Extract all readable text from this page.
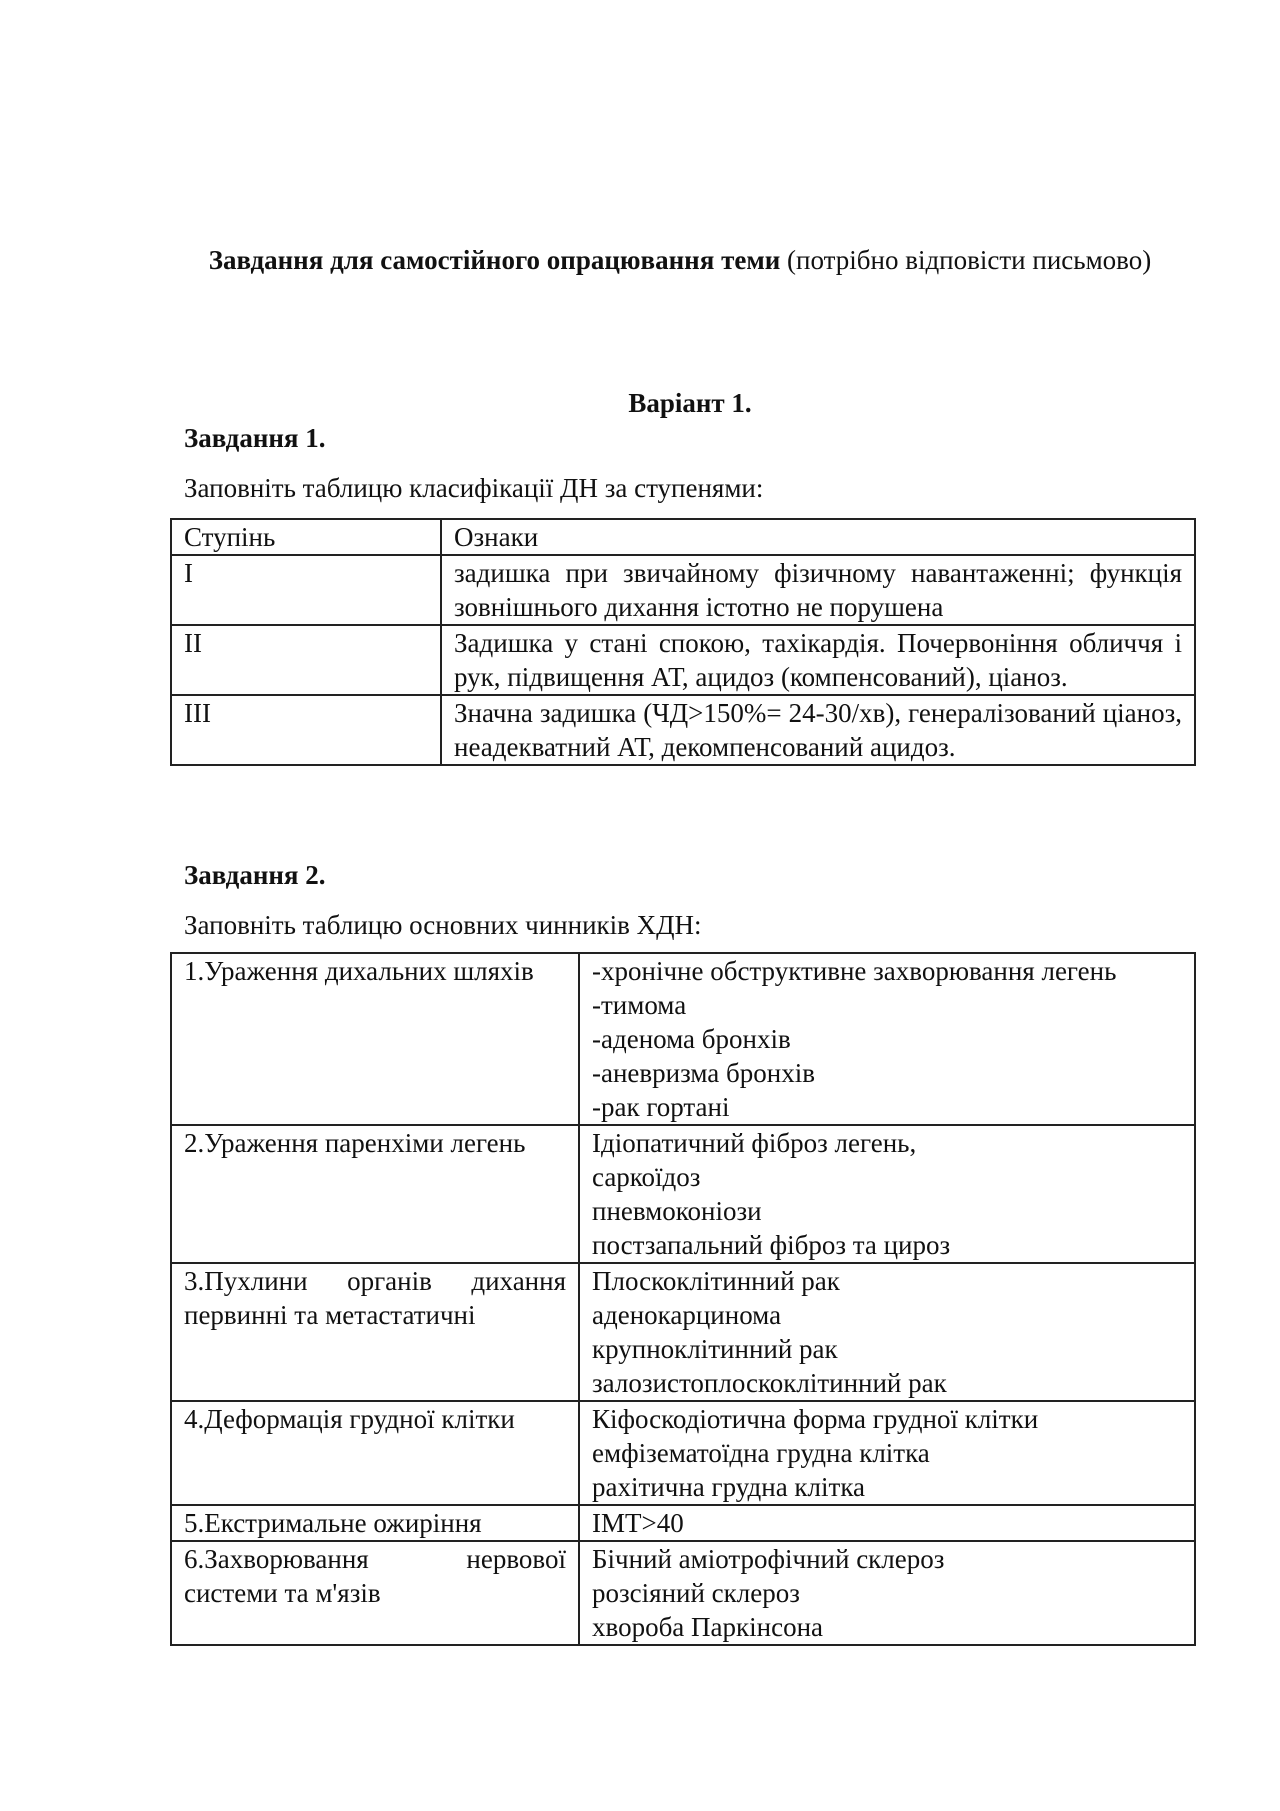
Завдання для самостійного опрацювання теми (потрібно відповісти письмово)
Варіант 1.
Завдання 1.
Заповніть таблицю класифікації ДН за ступенями:
Ступінь	Ознаки
I	задишка при звичайному фізичному навантаженні; функція зовнішнього дихання істотно не порушена
II	Задишка у стані спокою, тахікардія. Почервоніння обличчя і рук, підвищення АТ, ацидоз (компенсований), ціаноз.
III	Значна задишка (ЧД>150%= 24-30/хв), генералізований ціаноз, неадекватний АТ, декомпенсований ацидоз.
Завдання 2.
Заповніть таблицю основних чинників ХДН:
1.Ураження дихальних шляхів	-хронічне обструктивне захворювання легень
-тимома
-аденома бронхів
-аневризма бронхів
-рак гортані

2.Ураження паренхіми легень	Ідіопатичний фіброз легень,
саркоїдоз
пневмоконіози
постзапальний фіброз та цироз

3.Пухлини органів дихання первинні та метастатичні	Плоскоклітинний рак
аденокарцинома
крупноклітинний рак
залозистоплоскоклітинний рак

4.Деформація грудної клітки	Кіфоскодіотична форма грудної клітки
емфізематоїдна грудна клітка
рахітична грудна клітка

5.Екстримальне ожиріння	ІМТ>40

6.Захворювання нервової системи та м'язів	Бічний аміотрофічний склероз
розсіяний склероз
хвороба Паркінсона
